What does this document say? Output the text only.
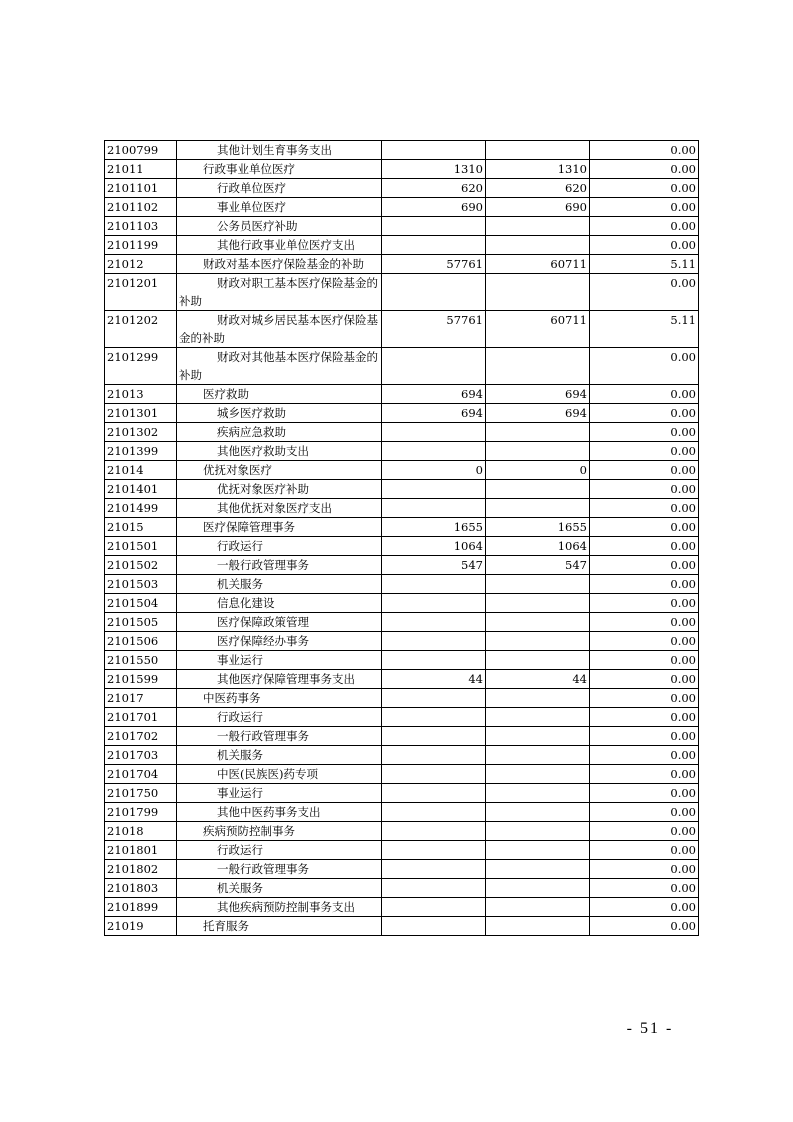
2100799	其他计划生育事务支出			0.00
21011	行政事业单位医疗	1310	1310	0.00
2101101	行政单位医疗	620	620	0.00
2101102	事业单位医疗	690	690	0.00
2101103	公务员医疗补助			0.00
2101199	其他行政事业单位医疗支出			0.00
21012	财政对基本医疗保险基金的补助	57761	60711	5.11
2101201	财政对职工基本医疗保险基金的补助			0.00
2101202	财政对城乡居民基本医疗保险基金的补助	57761	60711	5.11
2101299	财政对其他基本医疗保险基金的补助			0.00
21013	医疗救助	694	694	0.00
2101301	城乡医疗救助	694	694	0.00
2101302	疾病应急救助			0.00
2101399	其他医疗救助支出			0.00
21014	优抚对象医疗	0	0	0.00
2101401	优抚对象医疗补助			0.00
2101499	其他优抚对象医疗支出			0.00
21015	医疗保障管理事务	1655	1655	0.00
2101501	行政运行	1064	1064	0.00
2101502	一般行政管理事务	547	547	0.00
2101503	机关服务			0.00
2101504	信息化建设			0.00
2101505	医疗保障政策管理			0.00
2101506	医疗保障经办事务			0.00
2101550	事业运行			0.00
2101599	其他医疗保障管理事务支出	44	44	0.00
21017	中医药事务			0.00
2101701	行政运行			0.00
2101702	一般行政管理事务			0.00
2101703	机关服务			0.00
2101704	中医(民族医)药专项			0.00
2101750	事业运行			0.00
2101799	其他中医药事务支出			0.00
21018	疾病预防控制事务			0.00
2101801	行政运行			0.00
2101802	一般行政管理事务			0.00
2101803	机关服务			0.00
2101899	其他疾病预防控制事务支出			0.00
21019	托育服务			0.00
- 51 -
